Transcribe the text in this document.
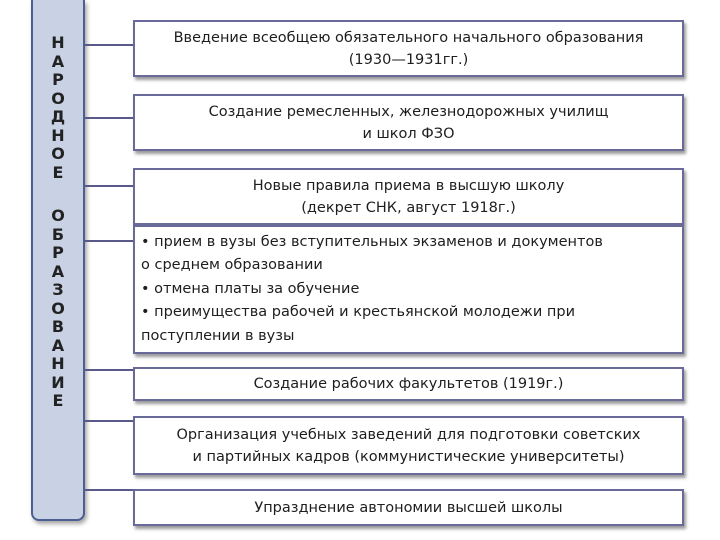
Н
А
Р
О
Д
Н
О
Е
О
Б
Р
А
З
О
В
А
Н
И
Е
Введение всеобщею обязательного начального образования
(1930—1931гг.)
Создание ремесленных, железнодорожных училищ
и школ ФЗО
Новые правила приема в высшую школу
(декрет СНК, август 1918г.)
• прием в вузы без вступительных экзаменов и документов
о среднем образовании
• отмена платы за обучение
• преимущества рабочей и крестьянской молодежи при
поступлении в вузы
Создание рабочих факультетов (1919г.)
Организация учебных заведений для подготовки советских
и партийных кадров (коммунистические университеты)
Упразднение автономии высшей школы
